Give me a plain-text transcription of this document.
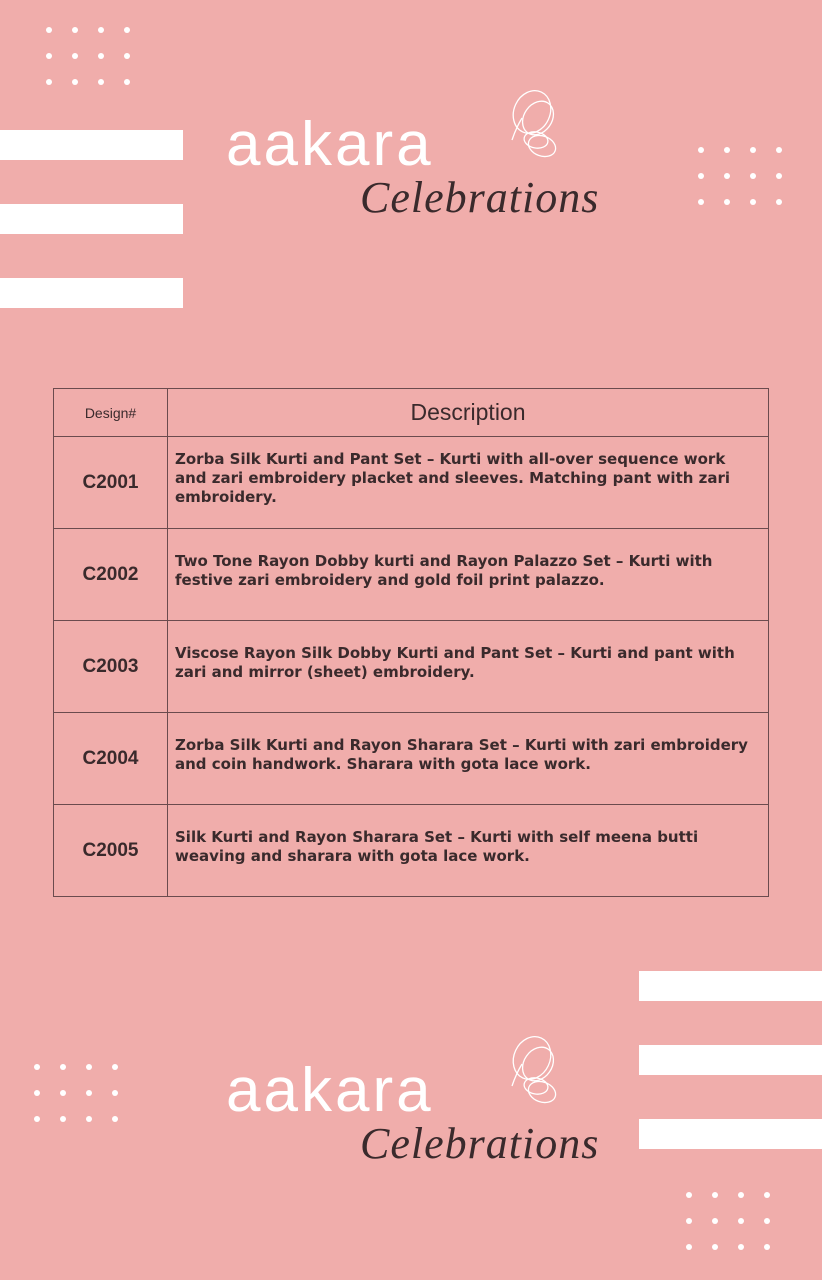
aakara
Celebrations
Design#	Description
C2001	Zorba Silk Kurti and Pant Set – Kurti with all-over sequence work and zari embroidery placket and sleeves. Matching pant with zari embroidery.

C2002	Two Tone Rayon Dobby kurti and Rayon Palazzo Set – Kurti with festive zari embroidery and gold foil print palazzo.

C2003	Viscose Rayon Silk Dobby Kurti and Pant Set – Kurti and pant with zari and mirror (sheet) embroidery.

C2004	Zorba Silk Kurti and Rayon Sharara Set – Kurti with zari embroidery and coin handwork. Sharara with gota lace work.

C2005	Silk Kurti and Rayon Sharara Set – Kurti with self meena butti weaving and sharara with gota lace work.
aakara
Celebrations
